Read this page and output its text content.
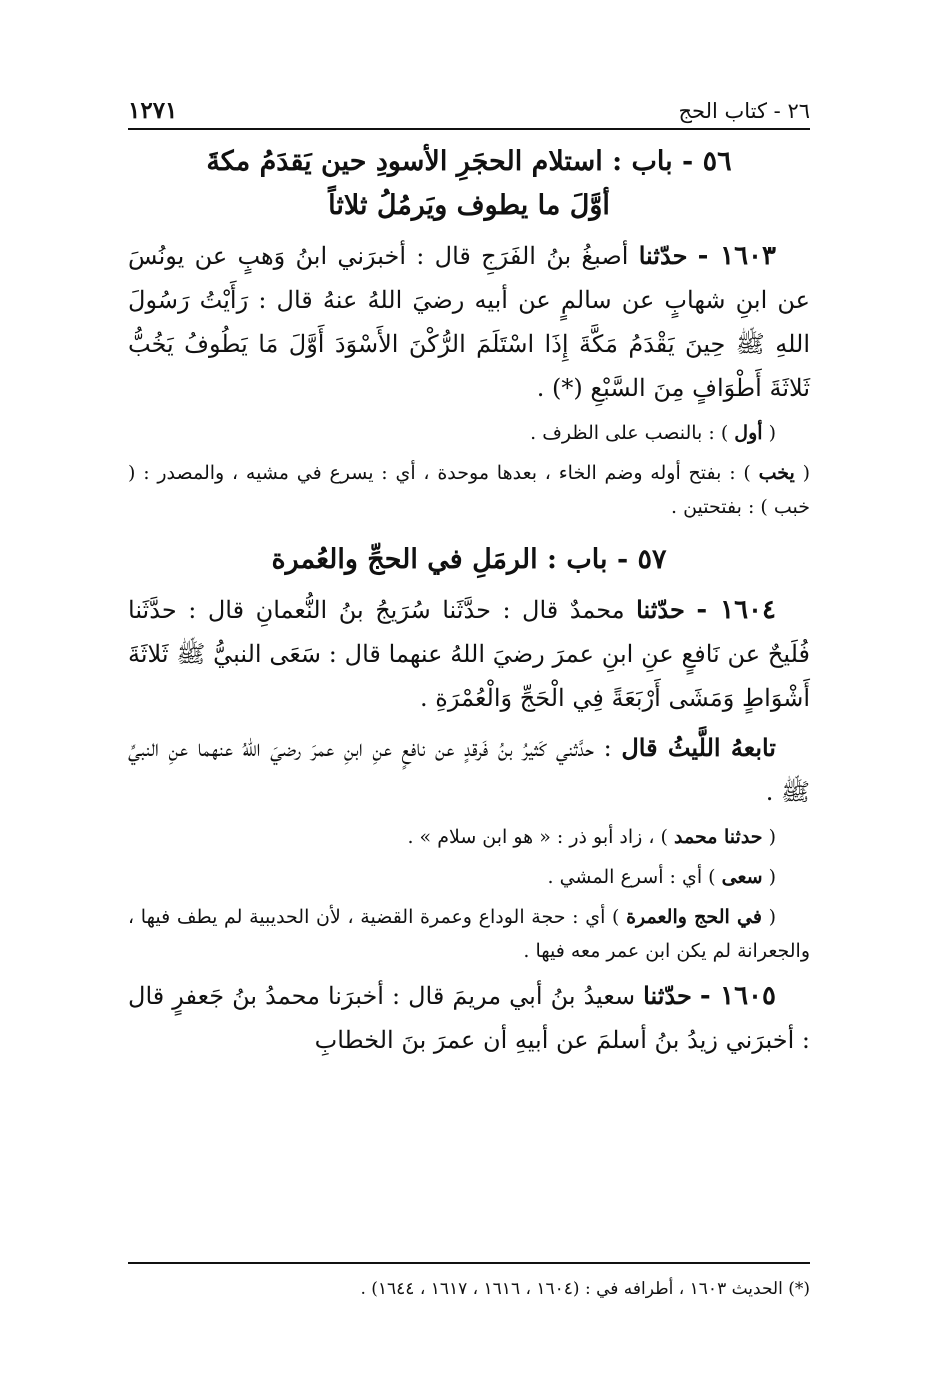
٢٦ - كتاب الحج
١٢٧١
٥٦ - باب : استلام الحجَرِ الأسودِ حين يَقدَمُ مكةَ
أوَّلَ ما يطوف ويَرمُلُ ثلاثاً

١٦٠٣ - حدّثنا أصبغُ بنُ الفَرَجِ قال : أخبرَني ابنُ وَهبٍ عن يونُسَ عن ابنِ شهابٍ عن سالمٍ عن أبيه رضيَ اللهُ عنهُ قال : رَأَيْتُ رَسُولَ اللهِ ﷺ حِينَ يَقْدَمُ مَكَّةَ إِذَا اسْتَلَمَ الرُّكْنَ الأَسْوَدَ أَوَّلَ مَا يَطُوفُ يَخُبُّ ثَلاثَةَ أَطْوَافٍ مِنَ السَّبْعِ (*) .

( أول ) : بالنصب على الظرف .

( يخب ) : بفتح أوله وضم الخاء ، بعدها موحدة ، أي : يسرع في مشيه ، والمصدر : ( خبب ) : بفتحتين .

٥٧ - باب : الرمَلِ في الحجِّ والعُمرة

١٦٠٤ - حدّثنا محمدٌ قال : حدَّثَنا سُرَيجُ بنُ النُّعمانِ قال : حدَّثَنا فُلَيحٌ عن نَافعٍ عنِ ابنِ عمرَ رضيَ اللهُ عنهما قال : سَعَى النبيُّ ﷺ ثَلاثَةَ أَشْوَاطٍ وَمَشَى أَرْبَعَةً فِي الْحَجِّ وَالْعُمْرَةِ .

تابعهُ اللَّيثُ قال : حدَّثني كَثيرُ بنُ فَرقدٍ عن نافعٍ عنِ ابنِ عمرَ رضيَ اللهُ عنهما عنِ النبيِّ ﷺ .

( حدثنا محمد ) ، زاد أبو ذر : « هو ابن سلام » .

( سعى ) أي : أسرع المشي .

( في الحج والعمرة ) أي : حجة الوداع وعمرة القضية ، لأن الحديبية لم يطف فيها ، والجعرانة لم يكن ابن عمر معه فيها .

١٦٠٥ - حدّثنا سعيدُ بنُ أبي مريمَ قال : أخبرَنا محمدُ بنُ جَعفرٍ قال : أخبرَني زيدُ بنُ أسلمَ عن أبيهِ أن عمرَ بنَ الخطابِ

(*) الحديث ١٦٠٣ ، أطرافه في : (١٦٠٤ ، ١٦١٦ ، ١٦١٧ ، ١٦٤٤) .
